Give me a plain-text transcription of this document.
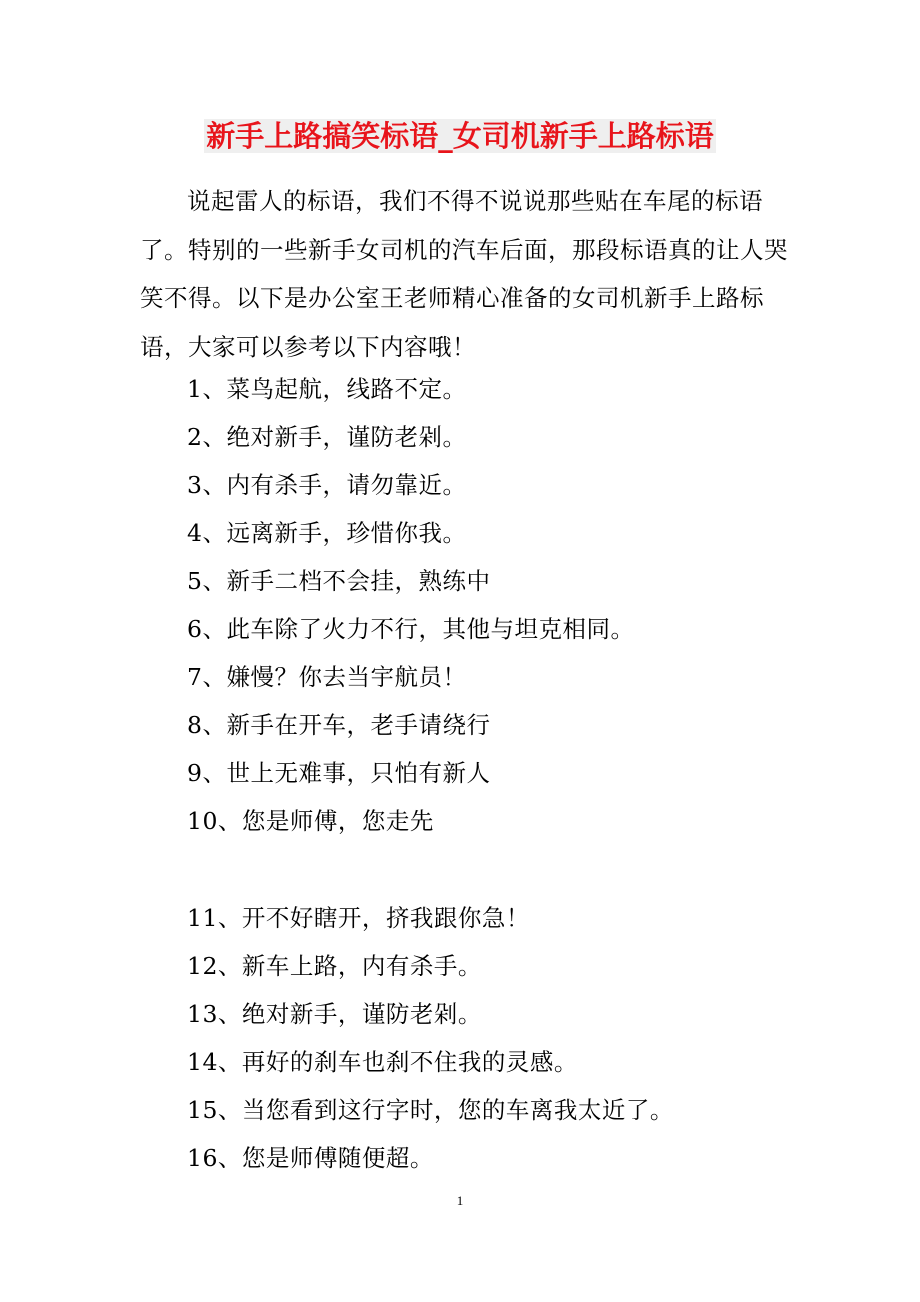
新手上路搞笑标语_女司机新手上路标语

说起雷人的标语，我们不得不说说那些贴在车尾的标语了。特别的一些新手女司机的汽车后面，那段标语真的让人哭笑不得。以下是办公室王老师精心准备的女司机新手上路标语，大家可以参考以下内容哦！

1、菜鸟起航，线路不定。
2、绝对新手，谨防老剁。
3、内有杀手，请勿靠近。
4、远离新手，珍惜你我。
5、新手二档不会挂，熟练中
6、此车除了火力不行，其他与坦克相同。
7、嫌慢？你去当宇航员！
8、新手在开车，老手请绕行
9、世上无难事，只怕有新人
10、您是师傅，您走先
11、开不好瞎开，挤我跟你急！
12、新车上路，内有杀手。
13、绝对新手，谨防老剁。
14、再好的刹车也刹不住我的灵感。
15、当您看到这行字时，您的车离我太近了。
16、您是师傅随便超。
1
